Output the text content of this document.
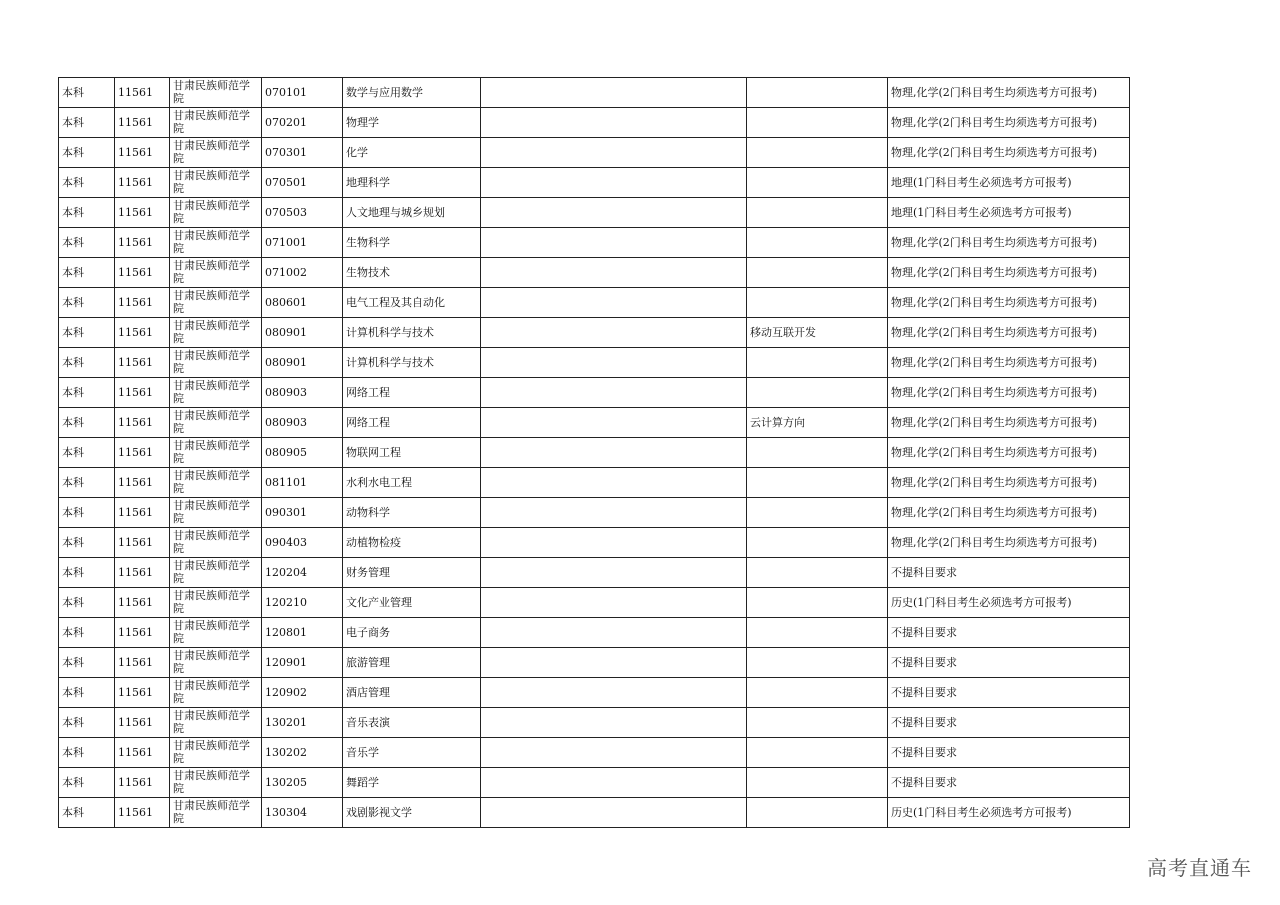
本科	11561	甘肃民族师范学院	070101	数学与应用数学			物理,化学(2门科目考生均须选考方可报考)
本科	11561	甘肃民族师范学院	070201	物理学			物理,化学(2门科目考生均须选考方可报考)
本科	11561	甘肃民族师范学院	070301	化学			物理,化学(2门科目考生均须选考方可报考)
本科	11561	甘肃民族师范学院	070501	地理科学			地理(1门科目考生必须选考方可报考)
本科	11561	甘肃民族师范学院	070503	人文地理与城乡规划			地理(1门科目考生必须选考方可报考)
本科	11561	甘肃民族师范学院	071001	生物科学			物理,化学(2门科目考生均须选考方可报考)
本科	11561	甘肃民族师范学院	071002	生物技术			物理,化学(2门科目考生均须选考方可报考)
本科	11561	甘肃民族师范学院	080601	电气工程及其自动化			物理,化学(2门科目考生均须选考方可报考)
本科	11561	甘肃民族师范学院	080901	计算机科学与技术		移动互联开发	物理,化学(2门科目考生均须选考方可报考)
本科	11561	甘肃民族师范学院	080901	计算机科学与技术			物理,化学(2门科目考生均须选考方可报考)
本科	11561	甘肃民族师范学院	080903	网络工程			物理,化学(2门科目考生均须选考方可报考)
本科	11561	甘肃民族师范学院	080903	网络工程		云计算方向	物理,化学(2门科目考生均须选考方可报考)
本科	11561	甘肃民族师范学院	080905	物联网工程			物理,化学(2门科目考生均须选考方可报考)
本科	11561	甘肃民族师范学院	081101	水利水电工程			物理,化学(2门科目考生均须选考方可报考)
本科	11561	甘肃民族师范学院	090301	动物科学			物理,化学(2门科目考生均须选考方可报考)
本科	11561	甘肃民族师范学院	090403	动植物检疫			物理,化学(2门科目考生均须选考方可报考)
本科	11561	甘肃民族师范学院	120204	财务管理			不提科目要求
本科	11561	甘肃民族师范学院	120210	文化产业管理			历史(1门科目考生必须选考方可报考)
本科	11561	甘肃民族师范学院	120801	电子商务			不提科目要求
本科	11561	甘肃民族师范学院	120901	旅游管理			不提科目要求
本科	11561	甘肃民族师范学院	120902	酒店管理			不提科目要求
本科	11561	甘肃民族师范学院	130201	音乐表演			不提科目要求
本科	11561	甘肃民族师范学院	130202	音乐学			不提科目要求
本科	11561	甘肃民族师范学院	130205	舞蹈学			不提科目要求
本科	11561	甘肃民族师范学院	130304	戏剧影视文学			历史(1门科目考生必须选考方可报考)
高考直通车
